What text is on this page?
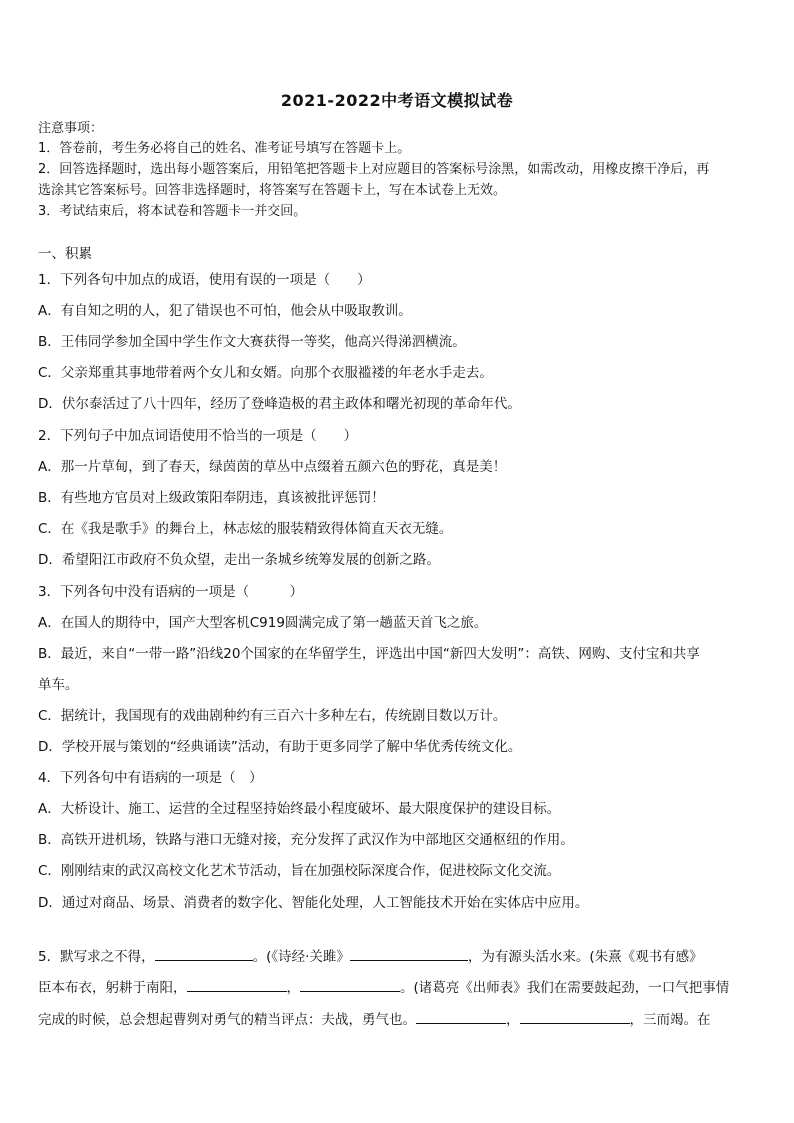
2021-2022中考语文模拟试卷
注意事项：
1．答卷前，考生务必将自己的姓名、准考证号填写在答题卡上。
2．回答选择题时，选出每小题答案后，用铅笔把答题卡上对应题目的答案标号涂黑，如需改动，用橡皮擦干净后，再
选涂其它答案标号。回答非选择题时，将答案写在答题卡上，写在本试卷上无效。
3．考试结束后，将本试卷和答题卡一并交回。
一、积累
1．下列各句中加点的成语，使用有误的一项是（　　）
A．有自知之明的人，犯了错误也不可怕，他会从中吸取教训。
B．王伟同学参加全国中学生作文大赛获得一等奖，他高兴得涕泗横流。
C．父亲郑重其事地带着两个女儿和女婿。向那个衣服褴褛的年老水手走去。
D．伏尔泰活过了八十四年，经历了登峰造极的君主政体和曙光初现的革命年代。
2．下列句子中加点词语使用不恰当的一项是（　　）
A．那一片草甸，到了春天，绿茵茵的草丛中点缀着五颜六色的野花，真是美！
B．有些地方官员对上级政策阳奉阴违，真该被批评惩罚！
C．在《我是歌手》的舞台上，林志炫的服装精致得体简直天衣无缝。
D．希望阳江市政府不负众望，走出一条城乡统筹发展的创新之路。
3．下列各句中没有语病的一项是（　　　）
A．在国人的期待中，国产大型客机C919圆满完成了第一趟蓝天首飞之旅。
B．最近，来自“一带一路”沿线20个国家的在华留学生，评选出中国“新四大发明”：高铁、网购、支付宝和共享
单车。
C．据统计，我国现有的戏曲剧种约有三百六十多种左右，传统剧目数以万计。
D．学校开展与策划的“经典诵读”活动，有助于更多同学了解中华优秀传统文化。
4．下列各句中有语病的一项是（　）
A．大桥设计、施工、运营的全过程坚持始终最小程度破坏、最大限度保护的建设目标。
B．高铁开进机场，铁路与港口无缝对接，充分发挥了武汉作为中部地区交通枢纽的作用。
C．刚刚结束的武汉高校文化艺术节活动，旨在加强校际深度合作，促进校际文化交流。
D．通过对商品、场景、消费者的数字化、智能化处理，人工智能技术开始在实体店中应用。
5．默写求之不得，	。(《诗经·关雎》	，为有源头活水来。(朱熹《观书有感》
臣本布衣，躬耕于南阳，	，	。(诸葛亮《出师表》我们在需要鼓起劲，一口气把事情
完成的时候，总会想起曹刿对勇气的精当评点：夫战，勇气也。	，	，三而竭。在
